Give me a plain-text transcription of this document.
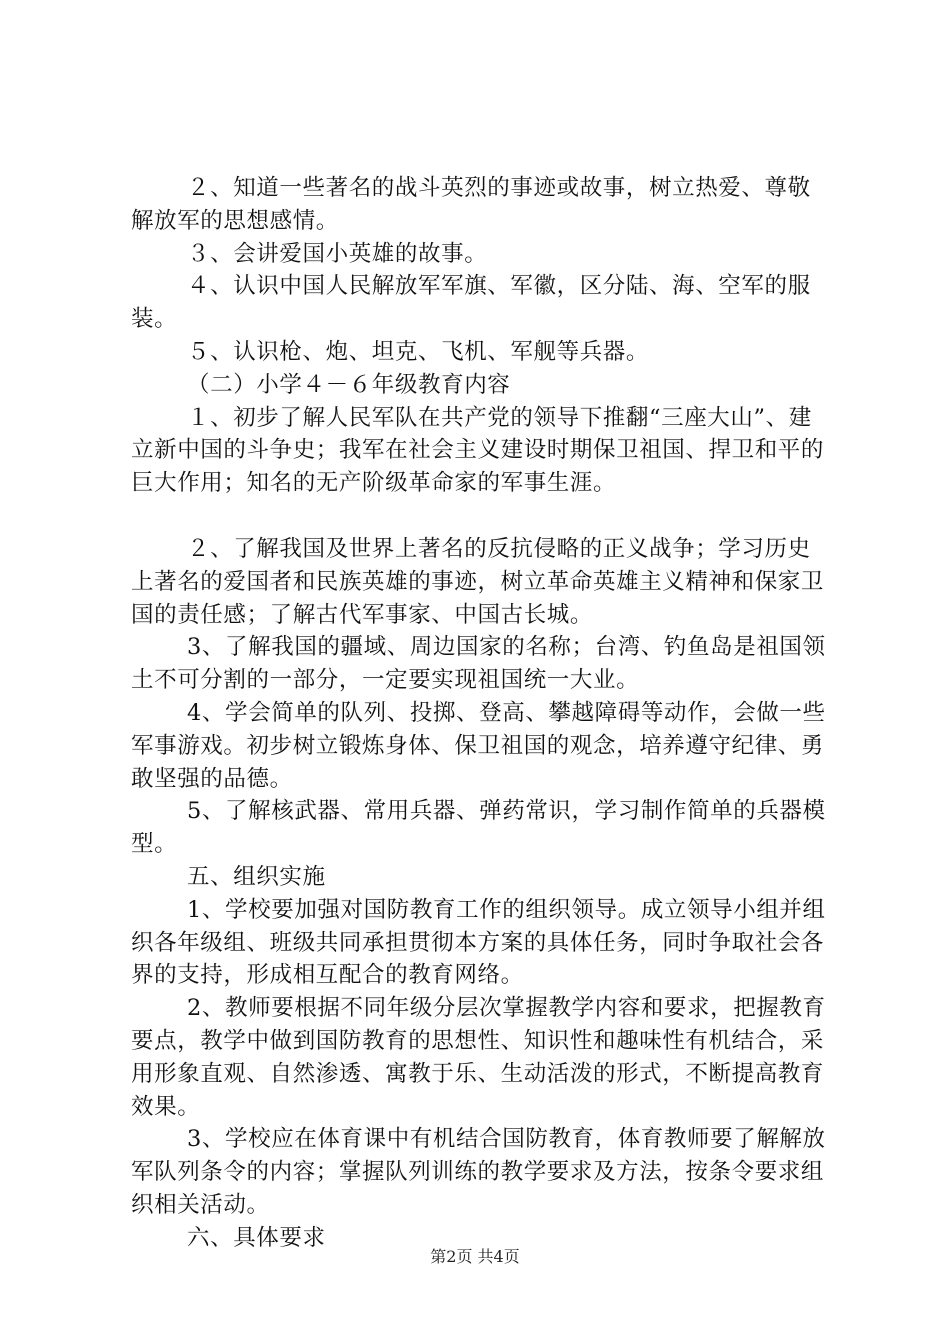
２、知道一些著名的战斗英烈的事迹或故事，树立热爱、尊敬解放军的思想感情。

３、会讲爱国小英雄的故事。

４、认识中国人民解放军军旗、军徽，区分陆、海、空军的服装。

５、认识枪、炮、坦克、飞机、军舰等兵器。

（二）小学４－６年级教育内容

１、初步了解人民军队在共产党的领导下推翻“三座大山”、建立新中国的斗争史；我军在社会主义建设时期保卫祖国、捍卫和平的巨大作用；知名的无产阶级革命家的军事生涯。

２、了解我国及世界上著名的反抗侵略的正义战争；学习历史上著名的爱国者和民族英雄的事迹，树立革命英雄主义精神和保家卫国的责任感；了解古代军事家、中国古长城。

3、了解我国的疆域、周边国家的名称；台湾、钓鱼岛是祖国领土不可分割的一部分，一定要实现祖国统一大业。

4、学会简单的队列、投掷、登高、攀越障碍等动作，会做一些军事游戏。初步树立锻炼身体、保卫祖国的观念，培养遵守纪律、勇敢坚强的品德。

5、了解核武器、常用兵器、弹药常识，学习制作简单的兵器模型。

五、组织实施

1、学校要加强对国防教育工作的组织领导。成立领导小组并组织各年级组、班级共同承担贯彻本方案的具体任务，同时争取社会各界的支持，形成相互配合的教育网络。

2、教师要根据不同年级分层次掌握教学内容和要求，把握教育要点，教学中做到国防教育的思想性、知识性和趣味性有机结合，采用形象直观、自然渗透、寓教于乐、生动活泼的形式，不断提高教育效果。

3、学校应在体育课中有机结合国防教育，体育教师要了解解放军队列条令的内容；掌握队列训练的教学要求及方法，按条令要求组织相关活动。

六、具体要求

第2页 共4页
